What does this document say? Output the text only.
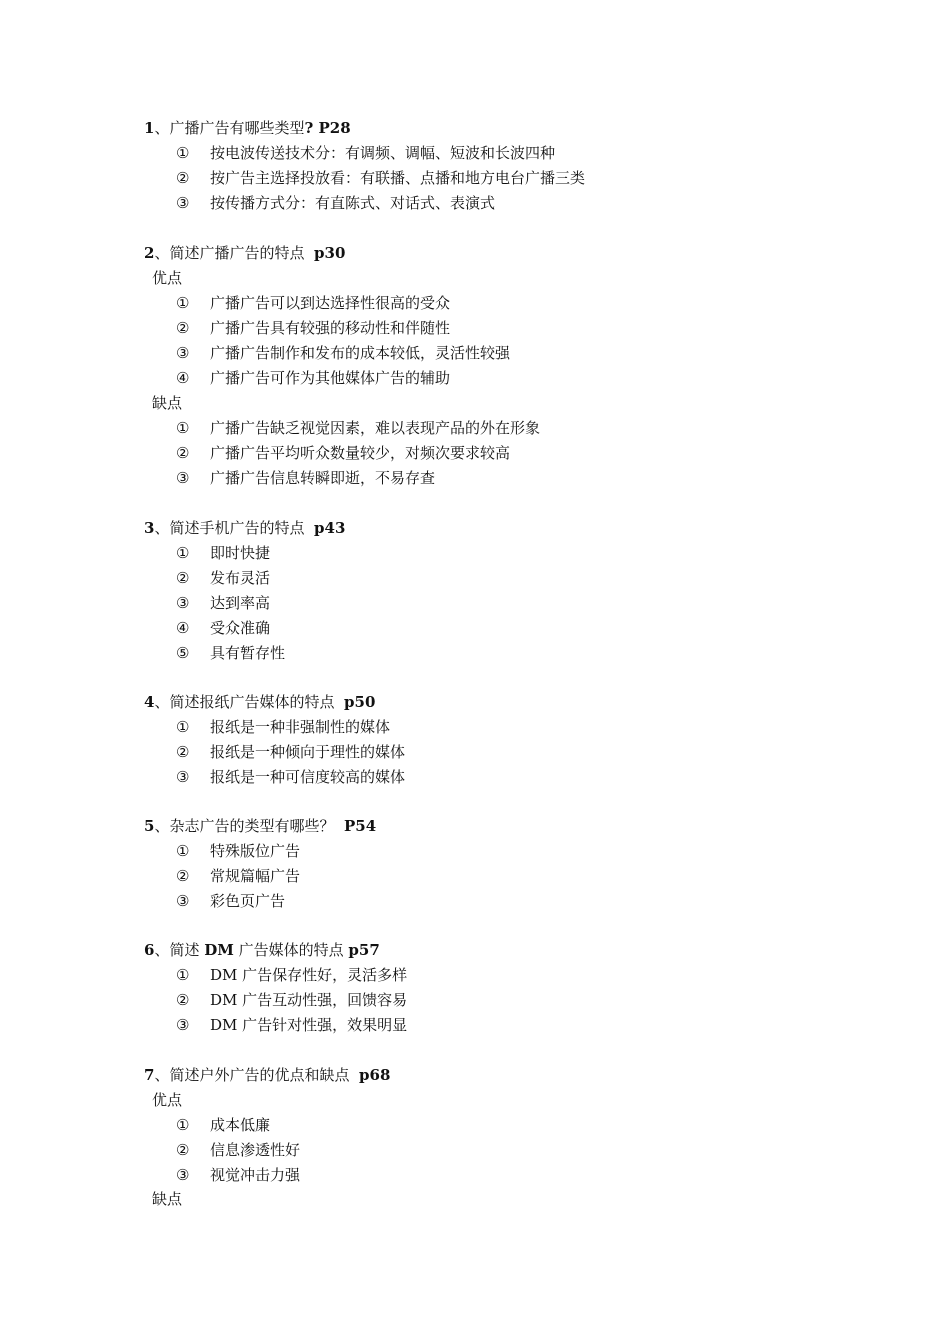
1、广播广告有哪些类型? P28
① 按电波传送技术分：有调频、调幅、短波和长波四种
② 按广告主选择投放看：有联播、点播和地方电台广播三类
③ 按传播方式分：有直陈式、对话式、表演式
2、简述广播广告的特点 p30
优点
① 广播广告可以到达选择性很高的受众
② 广播广告具有较强的移动性和伴随性
③ 广播广告制作和发布的成本较低，灵活性较强
④ 广播广告可作为其他媒体广告的辅助
缺点
① 广播广告缺乏视觉因素，难以表现产品的外在形象
② 广播广告平均听众数量较少，对频次要求较高
③ 广播广告信息转瞬即逝，不易存查
3、简述手机广告的特点 p43
① 即时快捷
② 发布灵活
③ 达到率高
④ 受众准确
⑤ 具有暂存性
4、简述报纸广告媒体的特点 p50
① 报纸是一种非强制性的媒体
② 报纸是一种倾向于理性的媒体
③ 报纸是一种可信度较高的媒体
5、杂志广告的类型有哪些？ P54
① 特殊版位广告
② 常规篇幅广告
③ 彩色页广告
6、简述 DM 广告媒体的特点 p57
① DM 广告保存性好，灵活多样
② DM 广告互动性强，回馈容易
③ DM 广告针对性强，效果明显
7、简述户外广告的优点和缺点 p68
优点
① 成本低廉
② 信息渗透性好
③ 视觉冲击力强
缺点
